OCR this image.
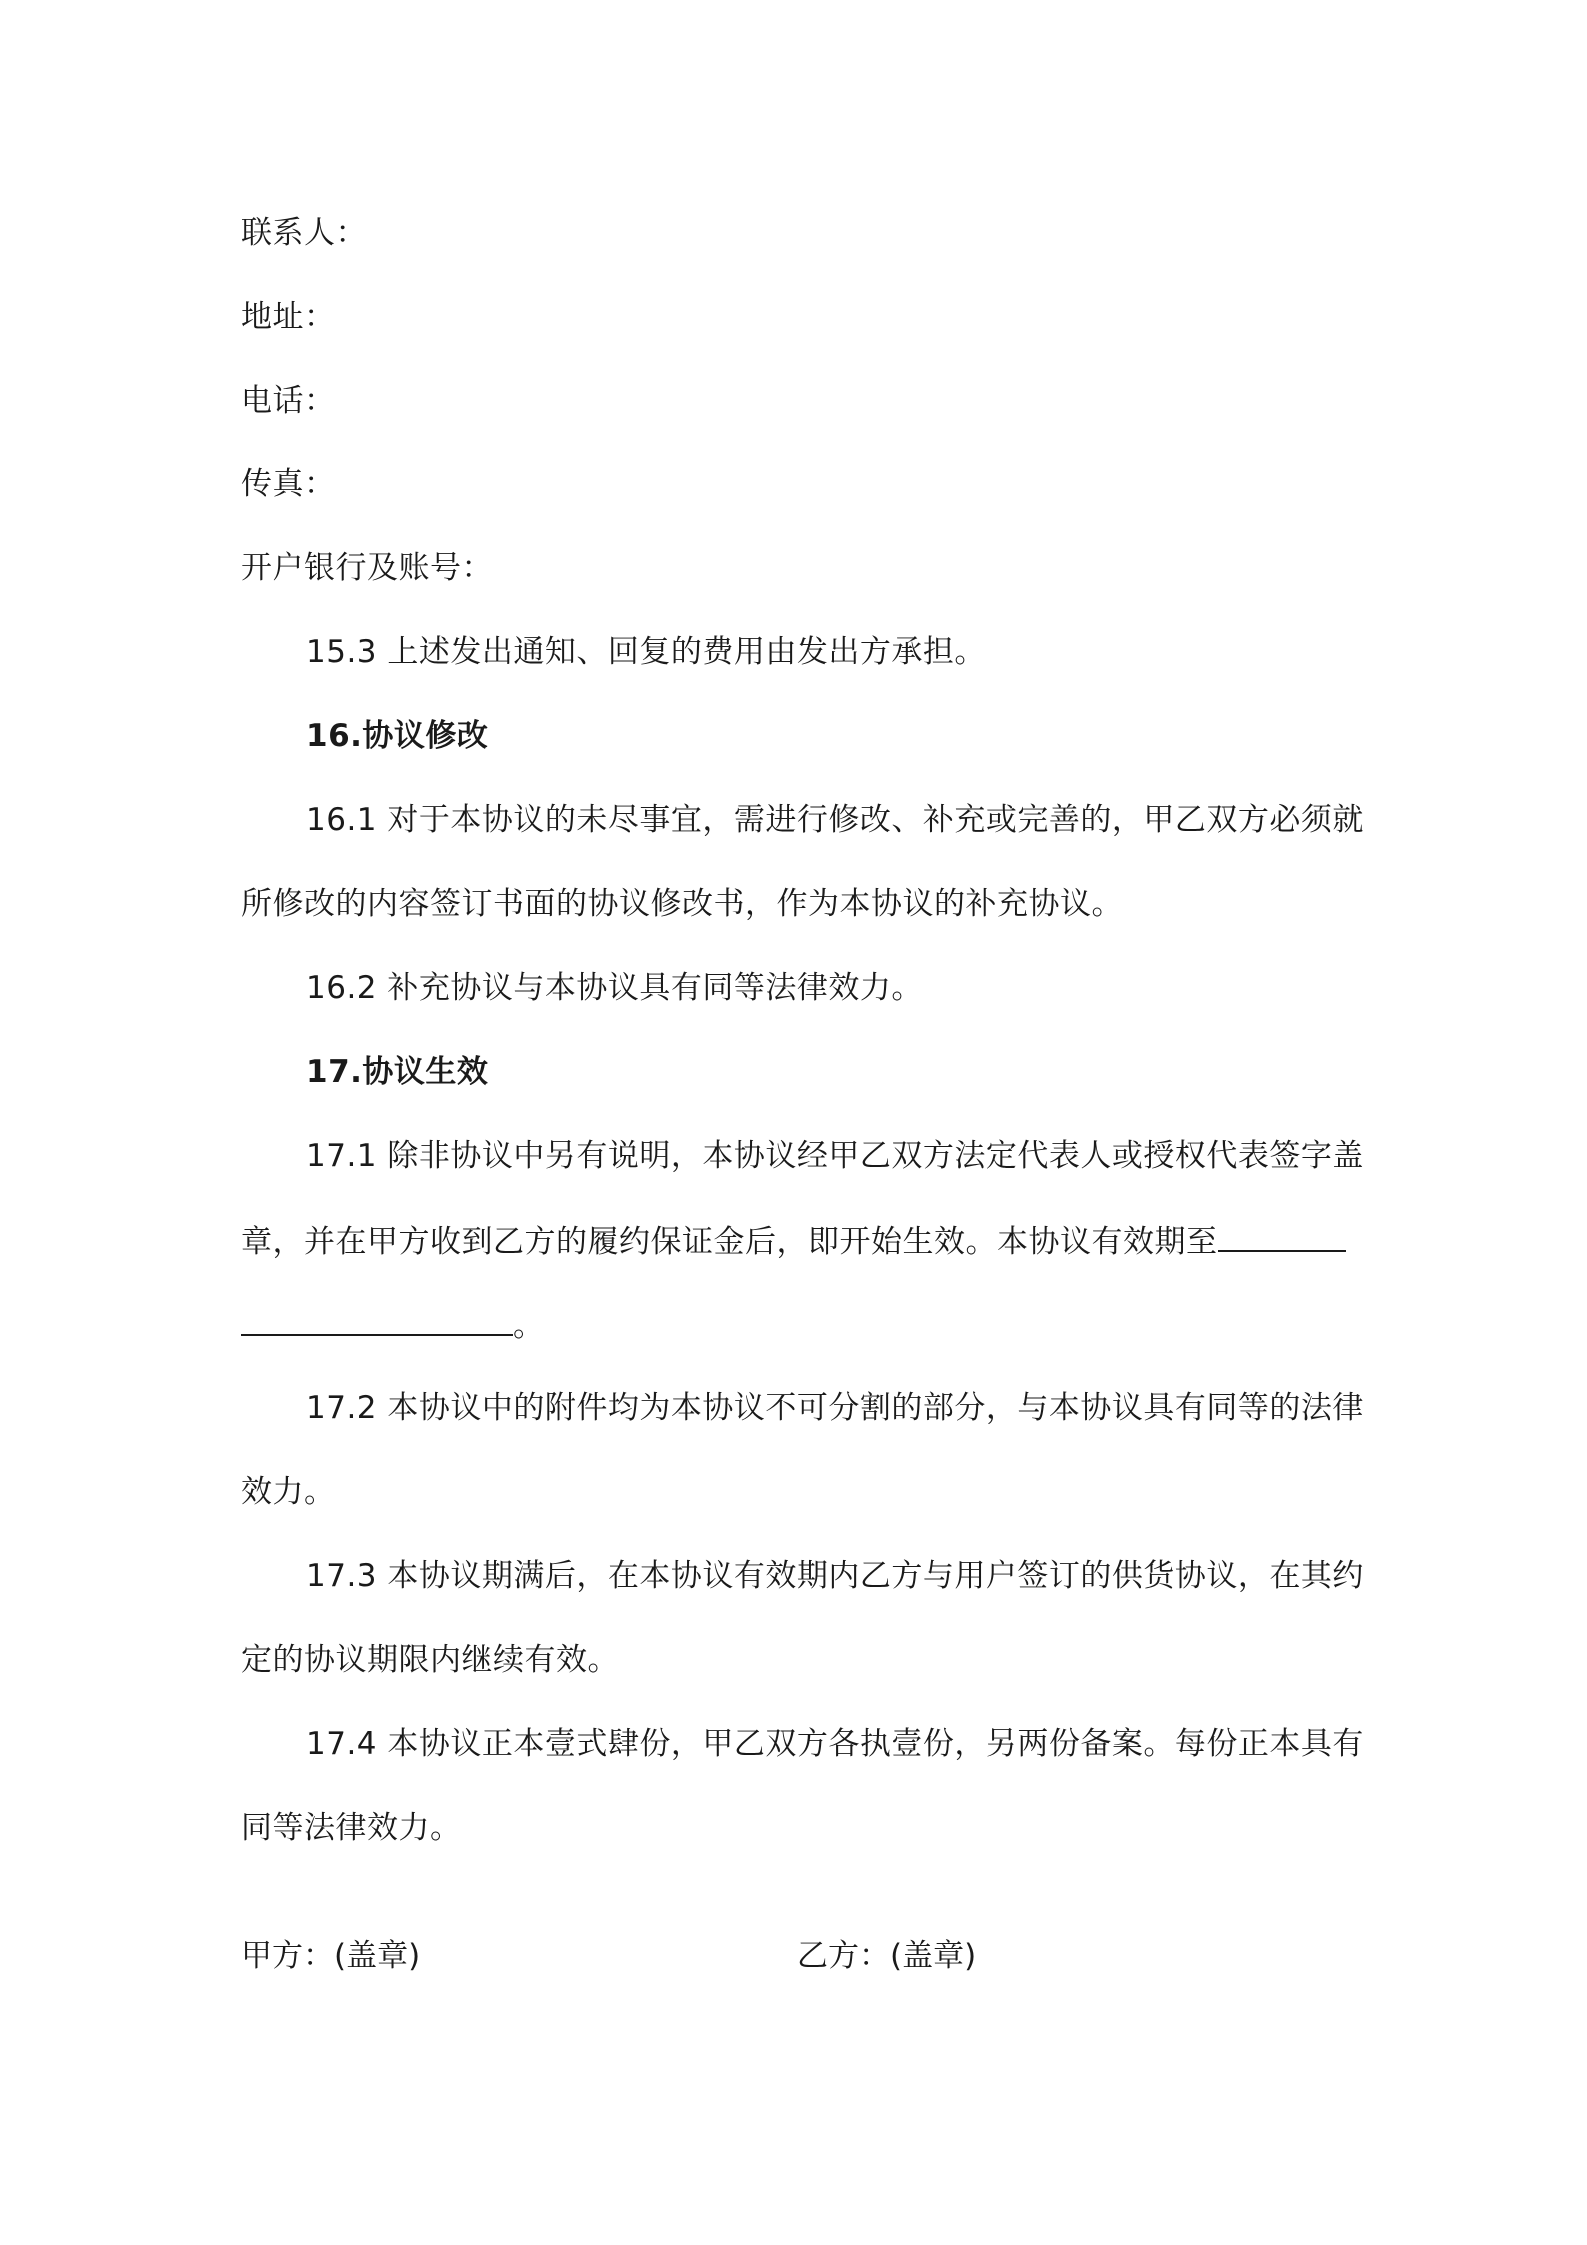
联系人：
地址：
电话：
传真：
开户银行及账号：
15.3 上述发出通知、回复的费用由发出方承担。
16.协议修改
16.1 对于本协议的未尽事宜，需进行修改、补充或完善的，甲乙双方必须就
所修改的内容签订书面的协议修改书，作为本协议的补充协议。
16.2 补充协议与本协议具有同等法律效力。
17.协议生效
17.1 除非协议中另有说明，本协议经甲乙双方法定代表人或授权代表签字盖
章，并在甲方收到乙方的履约保证金后，即开始生效。本协议有效期至
。
17.2 本协议中的附件均为本协议不可分割的部分，与本协议具有同等的法律
效力。
17.3 本协议期满后，在本协议有效期内乙方与用户签订的供货协议，在其约
定的协议期限内继续有效。
17.4 本协议正本壹式肆份，甲乙双方各执壹份，另两份备案。每份正本具有
同等法律效力。
甲方：(盖章)	乙方：(盖章)
